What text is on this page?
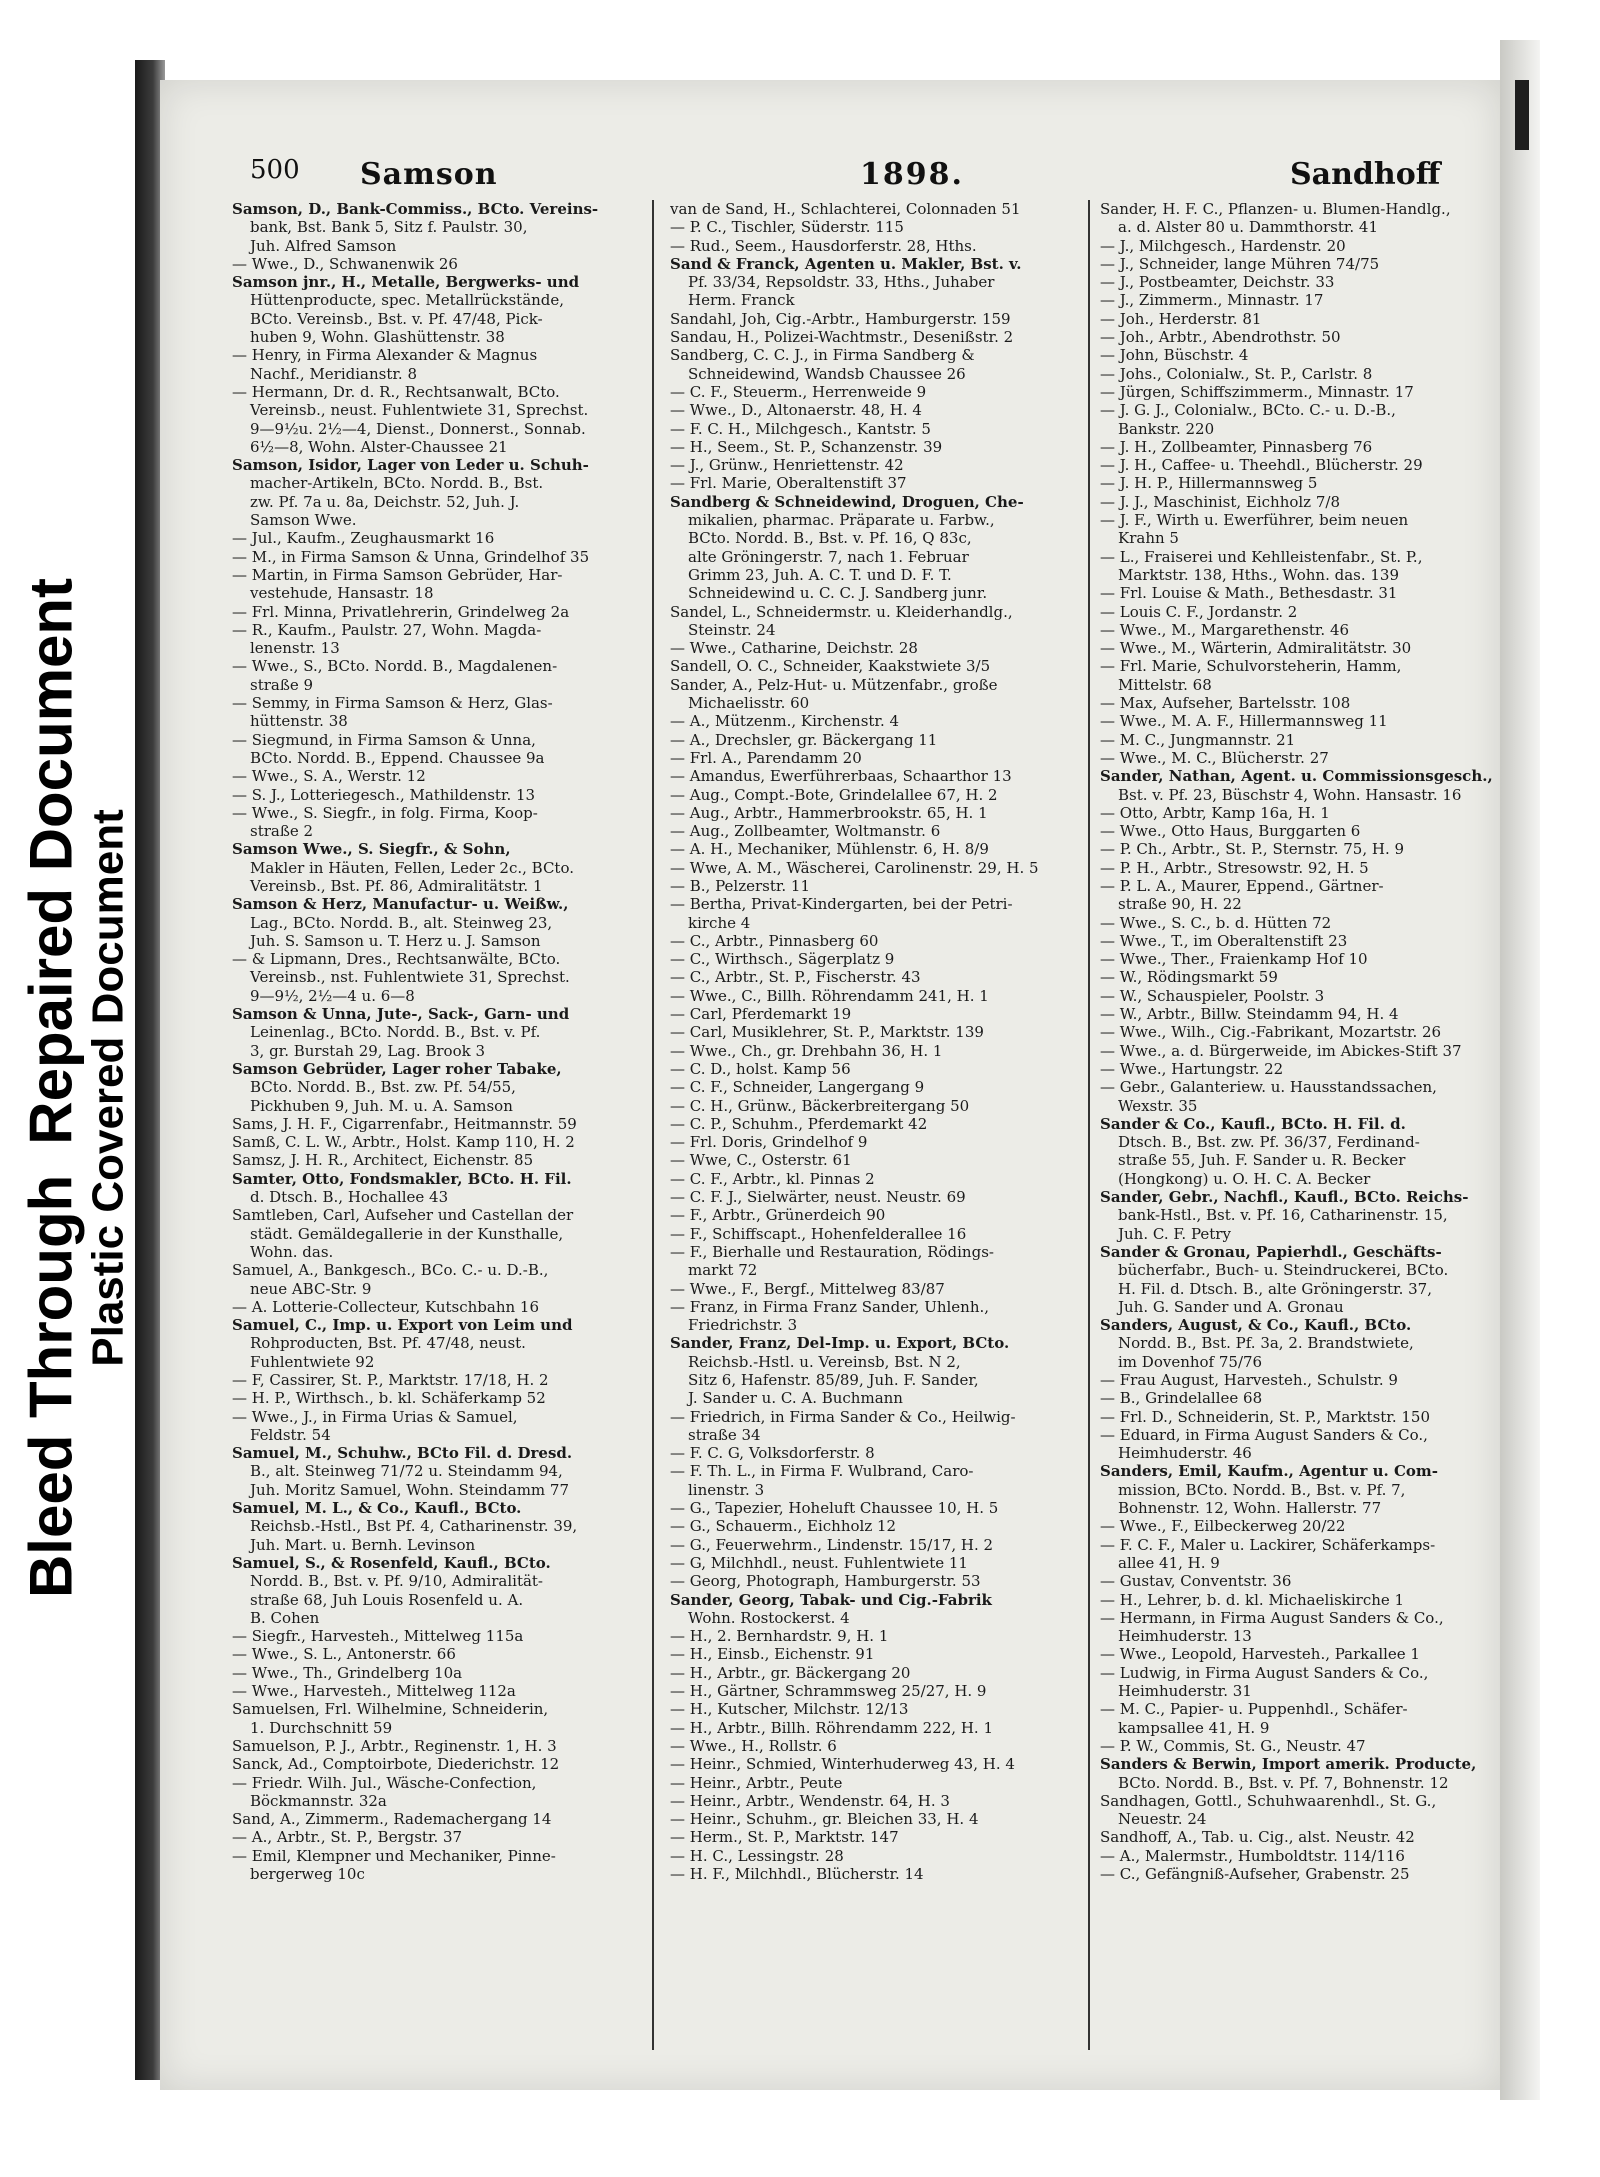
Bleed ThroughRepaired Document Plastic Covered Document
500 Samson	1898.	Sandhoff
Samson, D., Bank-Commiss., BCto. Vereins-
bank, Bst. Bank 5, Sitz f. Paulstr. 30,
Juh. Alfred Samson
— Wwe., D., Schwanenwik 26
Samson jnr., H., Metalle, Bergwerks- und
Hüttenproducte, spec. Metallrückstände,
BCto. Vereinsb., Bst. v. Pf. 47/48, Pick-
huben 9, Wohn. Glashüttenstr. 38
— Henry, in Firma Alexander & Magnus
Nachf., Meridianstr. 8
— Hermann, Dr. d. R., Rechtsanwalt, BCto.
Vereinsb., neust. Fuhlentwiete 31, Sprechst.
9—9½u. 2½—4, Dienst., Donnerst., Sonnab.
6½—8, Wohn. Alster-Chaussee 21
Samson, Isidor, Lager von Leder u. Schuh-
macher-Artikeln, BCto. Nordd. B., Bst.
zw. Pf. 7a u. 8a, Deichstr. 52, Juh. J.
Samson Wwe.
— Jul., Kaufm., Zeughausmarkt 16
— M., in Firma Samson & Unna, Grindelhof 35
— Martin, in Firma Samson Gebrüder, Har-
vestehude, Hansastr. 18
— Frl. Minna, Privatlehrerin, Grindelweg 2a
— R., Kaufm., Paulstr. 27, Wohn. Magda-
lenenstr. 13
— Wwe., S., BCto. Nordd. B., Magdalenen-
straße 9
— Semmy, in Firma Samson & Herz, Glas-
hüttenstr. 38
— Siegmund, in Firma Samson & Unna,
BCto. Nordd. B., Eppend. Chaussee 9a
— Wwe., S. A., Werstr. 12
— S. J., Lotteriegesch., Mathildenstr. 13
— Wwe., S. Siegfr., in folg. Firma, Koop-
straße 2
Samson Wwe., S. Siegfr., & Sohn,
Makler in Häuten, Fellen, Leder 2c., BCto.
Vereinsb., Bst. Pf. 86, Admiralitätstr. 1
Samson & Herz, Manufactur- u. Weißw.,
Lag., BCto. Nordd. B., alt. Steinweg 23,
Juh. S. Samson u. T. Herz u. J. Samson
— & Lipmann, Dres., Rechtsanwälte, BCto.
Vereinsb., nst. Fuhlentwiete 31, Sprechst.
9—9½, 2½—4 u. 6—8
Samson & Unna, Jute-, Sack-, Garn- und
Leinenlag., BCto. Nordd. B., Bst. v. Pf.
3, gr. Burstah 29, Lag. Brook 3
Samson Gebrüder, Lager roher Tabake,
BCto. Nordd. B., Bst. zw. Pf. 54/55,
Pickhuben 9, Juh. M. u. A. Samson
Sams, J. H. F., Cigarrenfabr., Heitmannstr. 59
Samß, C. L. W., Arbtr., Holst. Kamp 110, H. 2
Samsz, J. H. R., Architect, Eichenstr. 85
Samter, Otto, Fondsmakler, BCto. H. Fil.
d. Dtsch. B., Hochallee 43
Samtleben, Carl, Aufseher und Castellan der
städt. Gemäldegallerie in der Kunsthalle,
Wohn. das.
Samuel, A., Bankgesch., BCo. C.- u. D.-B.,
neue ABC-Str. 9
— A. Lotterie-Collecteur, Kutschbahn 16
Samuel, C., Imp. u. Export von Leim und
Rohproducten, Bst. Pf. 47/48, neust.
Fuhlentwiete 92
— F, Cassirer, St. P., Marktstr. 17/18, H. 2
— H. P., Wirthsch., b. kl. Schäferkamp 52
— Wwe., J., in Firma Urias & Samuel,
Feldstr. 54
Samuel, M., Schuhw., BCto Fil. d. Dresd.
B., alt. Steinweg 71/72 u. Steindamm 94,
Juh. Moritz Samuel, Wohn. Steindamm 77
Samuel, M. L., & Co., Kaufl., BCto.
Reichsb.-Hstl., Bst Pf. 4, Catharinenstr. 39,
Juh. Mart. u. Bernh. Levinson
Samuel, S., & Rosenfeld, Kaufl., BCto.
Nordd. B., Bst. v. Pf. 9/10, Admiralität-
straße 68, Juh Louis Rosenfeld u. A.
B. Cohen
— Siegfr., Harvesteh., Mittelweg 115a
— Wwe., S. L., Antonerstr. 66
— Wwe., Th., Grindelberg 10a
— Wwe., Harvesteh., Mittelweg 112a
Samuelsen, Frl. Wilhelmine, Schneiderin,
1. Durchschnitt 59
Samuelson, P. J., Arbtr., Reginenstr. 1, H. 3
Sanck, Ad., Comptoirbote, Diederichstr. 12
— Friedr. Wilh. Jul., Wäsche-Confection,
Böckmannstr. 32a
Sand, A., Zimmerm., Rademachergang 14
— A., Arbtr., St. P., Bergstr. 37
— Emil, Klempner und Mechaniker, Pinne-
bergerweg 10c
van de Sand, H., Schlachterei, Colonnaden 51
— P. C., Tischler, Süderstr. 115
— Rud., Seem., Hausdorferstr. 28, Hths.
Sand & Franck, Agenten u. Makler, Bst. v.
Pf. 33/34, Repsoldstr. 33, Hths., Juhaber
Herm. Franck
Sandahl, Joh, Cig.-Arbtr., Hamburgerstr. 159
Sandau, H., Polizei-Wachtmstr., Desenißstr. 2
Sandberg, C. C. J., in Firma Sandberg &
Schneidewind, Wandsb Chaussee 26
— C. F., Steuerm., Herrenweide 9
— Wwe., D., Altonaerstr. 48, H. 4
— F. C. H., Milchgesch., Kantstr. 5
— H., Seem., St. P., Schanzenstr. 39
— J., Grünw., Henriettenstr. 42
— Frl. Marie, Oberaltenstift 37
Sandberg & Schneidewind, Droguen, Che-
mikalien, pharmac. Präparate u. Farbw.,
BCto. Nordd. B., Bst. v. Pf. 16, Q 83c,
alte Gröningerstr. 7, nach 1. Februar
Grimm 23, Juh. A. C. T. und D. F. T.
Schneidewind u. C. C. J. Sandberg junr.
Sandel, L., Schneidermstr. u. Kleiderhandlg.,
Steinstr. 24
— Wwe., Catharine, Deichstr. 28
Sandell, O. C., Schneider, Kaakstwiete 3/5
Sander, A., Pelz-Hut- u. Mützenfabr., große
Michaelisstr. 60
— A., Mützenm., Kirchenstr. 4
— A., Drechsler, gr. Bäckergang 11
— Frl. A., Parendamm 20
— Amandus, Ewerführerbaas, Schaarthor 13
— Aug., Compt.-Bote, Grindelallee 67, H. 2
— Aug., Arbtr., Hammerbrookstr. 65, H. 1
— Aug., Zollbeamter, Woltmanstr. 6
— A. H., Mechaniker, Mühlenstr. 6, H. 8/9
— Wwe, A. M., Wäscherei, Carolinenstr. 29, H. 5
— B., Pelzerstr. 11
— Bertha, Privat-Kindergarten, bei der Petri-
kirche 4
— C., Arbtr., Pinnasberg 60
— C., Wirthsch., Sägerplatz 9
— C., Arbtr., St. P., Fischerstr. 43
— Wwe., C., Billh. Röhrendamm 241, H. 1
— Carl, Pferdemarkt 19
— Carl, Musiklehrer, St. P., Marktstr. 139
— Wwe., Ch., gr. Drehbahn 36, H. 1
— C. D., holst. Kamp 56
— C. F., Schneider, Langergang 9
— C. H., Grünw., Bäckerbreitergang 50
— C. P., Schuhm., Pferdemarkt 42
— Frl. Doris, Grindelhof 9
— Wwe, C., Osterstr. 61
— C. F., Arbtr., kl. Pinnas 2
— C. F. J., Sielwärter, neust. Neustr. 69
— F., Arbtr., Grünerdeich 90
— F., Schiffscapt., Hohenfelderallee 16
— F., Bierhalle und Restauration, Rödings-
markt 72
— Wwe., F., Bergf., Mittelweg 83/87
— Franz, in Firma Franz Sander, Uhlenh.,
Friedrichstr. 3
Sander, Franz, Del-Imp. u. Export, BCto.
Reichsb.-Hstl. u. Vereinsb, Bst. N 2,
Sitz 6, Hafenstr. 85/89, Juh. F. Sander,
J. Sander u. C. A. Buchmann
— Friedrich, in Firma Sander & Co., Heilwig-
straße 34
— F. C. G, Volksdorferstr. 8
— F. Th. L., in Firma F. Wulbrand, Caro-
linenstr. 3
— G., Tapezier, Hoheluft Chaussee 10, H. 5
— G., Schauerm., Eichholz 12
— G., Feuerwehrm., Lindenstr. 15/17, H. 2
— G, Milchhdl., neust. Fuhlentwiete 11
— Georg, Photograph, Hamburgerstr. 53
Sander, Georg, Tabak- und Cig.-Fabrik
Wohn. Rostockerst. 4
— H., 2. Bernhardstr. 9, H. 1
— H., Einsb., Eichenstr. 91
— H., Arbtr., gr. Bäckergang 20
— H., Gärtner, Schrammsweg 25/27, H. 9
— H., Kutscher, Milchstr. 12/13
— H., Arbtr., Billh. Röhrendamm 222, H. 1
— Wwe., H., Rollstr. 6
— Heinr., Schmied, Winterhuderweg 43, H. 4
— Heinr., Arbtr., Peute
— Heinr., Arbtr., Wendenstr. 64, H. 3
— Heinr., Schuhm., gr. Bleichen 33, H. 4
— Herm., St. P., Marktstr. 147
— H. C., Lessingstr. 28
— H. F., Milchhdl., Blücherstr. 14
Sander, H. F. C., Pflanzen- u. Blumen-Handlg.,
a. d. Alster 80 u. Dammthorstr. 41
— J., Milchgesch., Hardenstr. 20
— J., Schneider, lange Mühren 74/75
— J., Postbeamter, Deichstr. 33
— J., Zimmerm., Minnastr. 17
— Joh., Herderstr. 81
— Joh., Arbtr., Abendrothstr. 50
— John, Büschstr. 4
— Johs., Colonialw., St. P., Carlstr. 8
— Jürgen, Schiffszimmerm., Minnastr. 17
— J. G. J., Colonialw., BCto. C.- u. D.-B.,
Bankstr. 220
— J. H., Zollbeamter, Pinnasberg 76
— J. H., Caffee- u. Theehdl., Blücherstr. 29
— J. H. P., Hillermannsweg 5
— J. J., Maschinist, Eichholz 7/8
— J. F., Wirth u. Ewerführer, beim neuen
Krahn 5
— L., Fraiserei und Kehlleistenfabr., St. P.,
Marktstr. 138, Hths., Wohn. das. 139
— Frl. Louise & Math., Bethesdastr. 31
— Louis C. F., Jordanstr. 2
— Wwe., M., Margarethenstr. 46
— Wwe., M., Wärterin, Admiralitätstr. 30
— Frl. Marie, Schulvorsteherin, Hamm,
Mittelstr. 68
— Max, Aufseher, Bartelsstr. 108
— Wwe., M. A. F., Hillermannsweg 11
— M. C., Jungmannstr. 21
— Wwe., M. C., Blücherstr. 27
Sander, Nathan, Agent. u. Commissionsgesch.,
Bst. v. Pf. 23, Büschstr 4, Wohn. Hansastr. 16
— Otto, Arbtr, Kamp 16a, H. 1
— Wwe., Otto Haus, Burggarten 6
— P. Ch., Arbtr., St. P., Sternstr. 75, H. 9
— P. H., Arbtr., Stresowstr. 92, H. 5
— P. L. A., Maurer, Eppend., Gärtner-
straße 90, H. 22
— Wwe., S. C., b. d. Hütten 72
— Wwe., T., im Oberaltenstift 23
— Wwe., Ther., Fraienkamp Hof 10
— W., Rödingsmarkt 59
— W., Schauspieler, Poolstr. 3
— W., Arbtr., Billw. Steindamm 94, H. 4
— Wwe., Wilh., Cig.-Fabrikant, Mozartstr. 26
— Wwe., a. d. Bürgerweide, im Abickes-Stift 37
— Wwe., Hartungstr. 22
— Gebr., Galanteriew. u. Hausstandssachen,
Wexstr. 35
Sander & Co., Kaufl., BCto. H. Fil. d.
Dtsch. B., Bst. zw. Pf. 36/37, Ferdinand-
straße 55, Juh. F. Sander u. R. Becker
(Hongkong) u. O. H. C. A. Becker
Sander, Gebr., Nachfl., Kaufl., BCto. Reichs-
bank-Hstl., Bst. v. Pf. 16, Catharinenstr. 15,
Juh. C. F. Petry
Sander & Gronau, Papierhdl., Geschäfts-
bücherfabr., Buch- u. Steindruckerei, BCto.
H. Fil. d. Dtsch. B., alte Gröningerstr. 37,
Juh. G. Sander und A. Gronau
Sanders, August, & Co., Kaufl., BCto.
Nordd. B., Bst. Pf. 3a, 2. Brandstwiete,
im Dovenhof 75/76
— Frau August, Harvesteh., Schulstr. 9
— B., Grindelallee 68
— Frl. D., Schneiderin, St. P., Marktstr. 150
— Eduard, in Firma August Sanders & Co.,
Heimhuderstr. 46
Sanders, Emil, Kaufm., Agentur u. Com-
mission, BCto. Nordd. B., Bst. v. Pf. 7,
Bohnenstr. 12, Wohn. Hallerstr. 77
— Wwe., F., Eilbeckerweg 20/22
— F. C. F., Maler u. Lackirer, Schäferkamps-
allee 41, H. 9
— Gustav, Conventstr. 36
— H., Lehrer, b. d. kl. Michaeliskirche 1
— Hermann, in Firma August Sanders & Co.,
Heimhuderstr. 13
— Wwe., Leopold, Harvesteh., Parkallee 1
— Ludwig, in Firma August Sanders & Co.,
Heimhuderstr. 31
— M. C., Papier- u. Puppenhdl., Schäfer-
kampsallee 41, H. 9
— P. W., Commis, St. G., Neustr. 47
Sanders & Berwin, Import amerik. Producte,
BCto. Nordd. B., Bst. v. Pf. 7, Bohnenstr. 12
Sandhagen, Gottl., Schuhwaarenhdl., St. G.,
Neuestr. 24
Sandhoff, A., Tab. u. Cig., alst. Neustr. 42
— A., Malermstr., Humboldtstr. 114/116
— C., Gefängniß-Aufseher, Grabenstr. 25
